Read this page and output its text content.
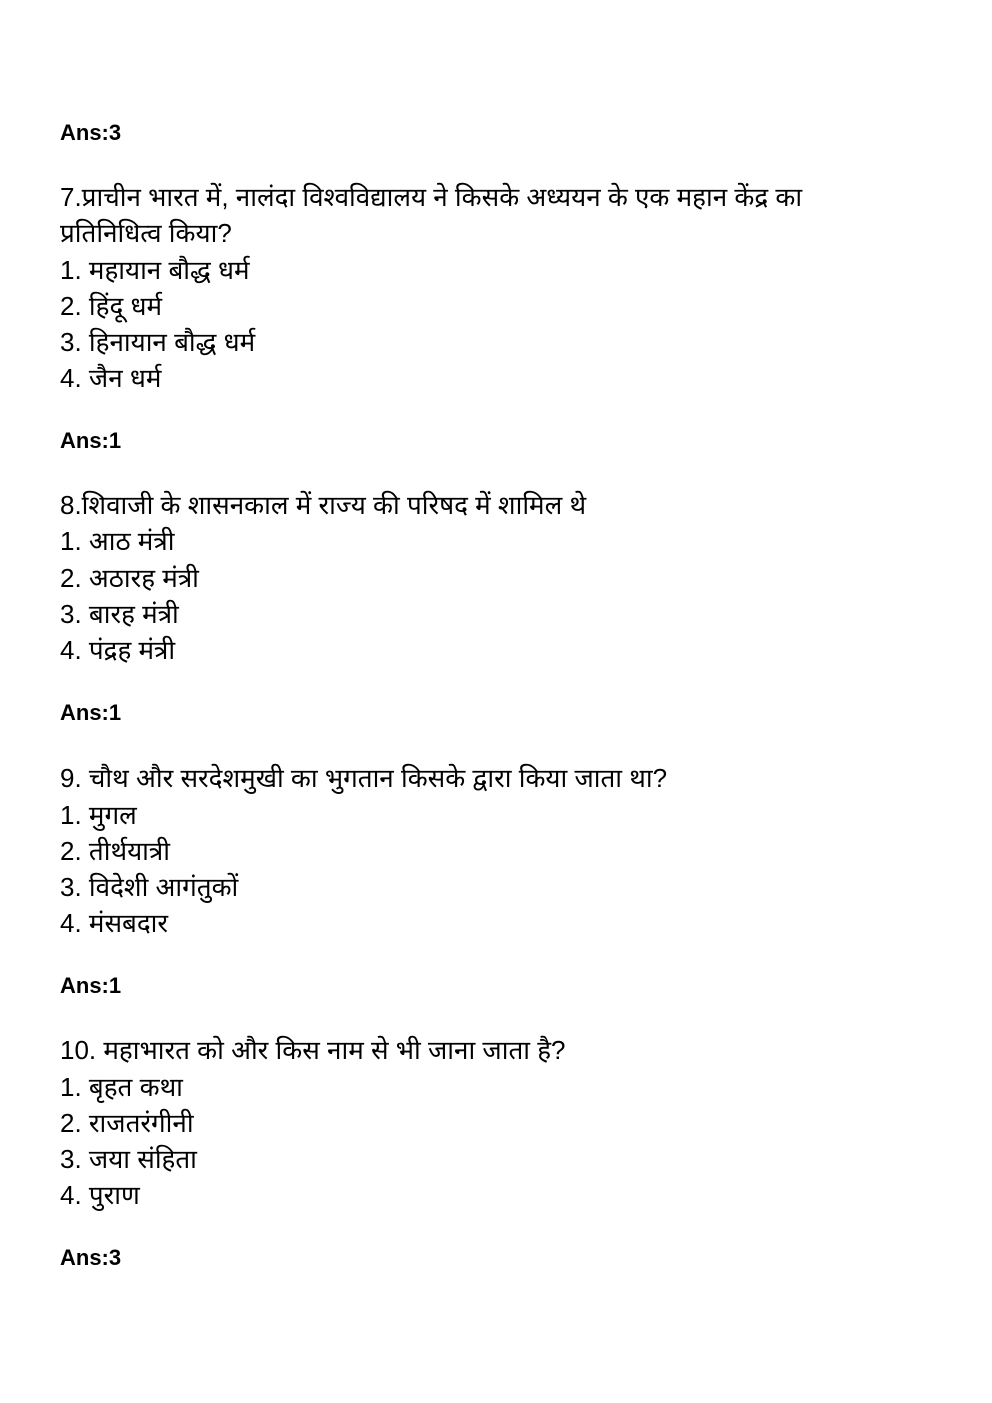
Ans:3
7.प्राचीन भारत में, नालंदा विश्वविद्यालय ने किसके अध्ययन के एक महान केंद्र का
प्रतिनिधित्व किया?
1. महायान बौद्ध धर्म
2. हिंदू धर्म
3. हिनायान बौद्ध धर्म
4. जैन धर्म
Ans:1
8.शिवाजी के शासनकाल में राज्य की परिषद में शामिल थे
1. आठ मंत्री
2. अठारह मंत्री
3. बारह मंत्री
4. पंद्रह मंत्री
Ans:1
9. चौथ और सरदेशमुखी का भुगतान किसके द्वारा किया जाता था?
1. मुगल
2. तीर्थयात्री
3. विदेशी आगंतुकों
4. मंसबदार
Ans:1
10. महाभारत को और किस नाम से भी जाना जाता है?
1. बृहत कथा
2. राजतरंगीनी
3. जया संहिता
4. पुराण
Ans:3
